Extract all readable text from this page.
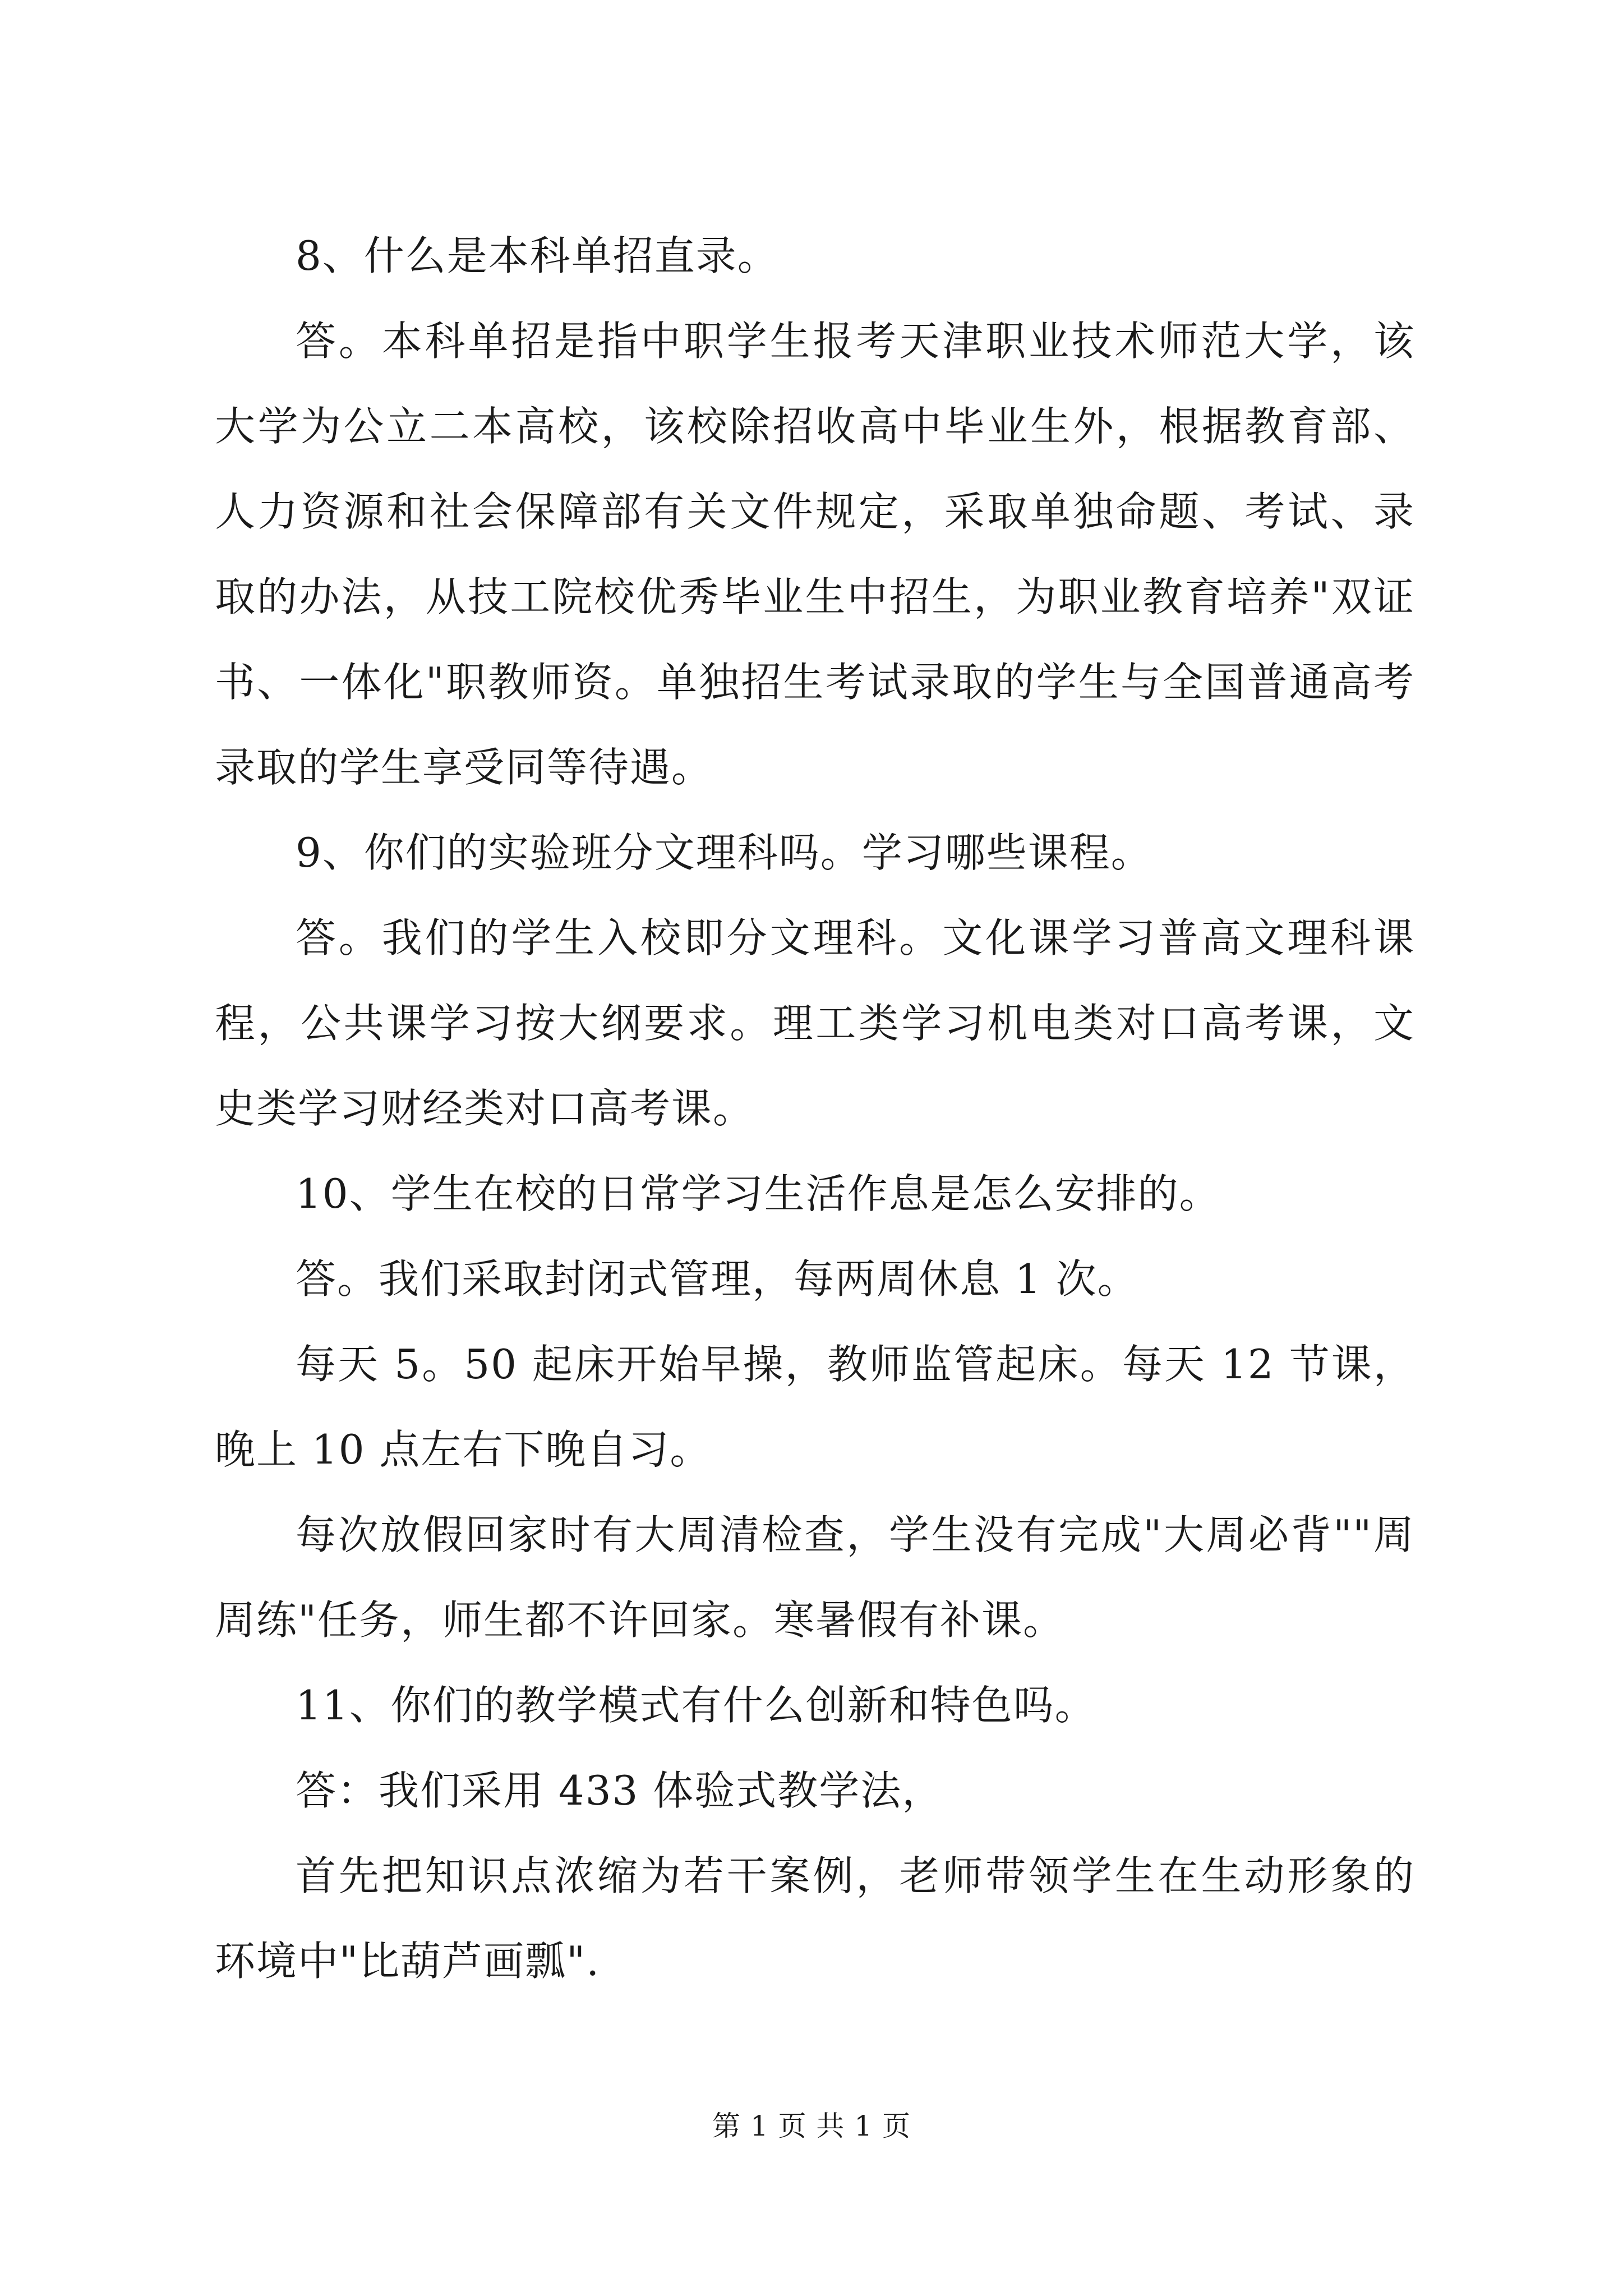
8、什么是本科单招直录。

答。本科单招是指中职学生报考天津职业技术师范大学，该大学为公立二本高校，该校除招收高中毕业生外，根据教育部、人力资源和社会保障部有关文件规定，采取单独命题、考试、录取的办法，从技工院校优秀毕业生中招生，为职业教育培养"双证书、一体化"职教师资。单独招生考试录取的学生与全国普通高考录取的学生享受同等待遇。

9、你们的实验班分文理科吗。学习哪些课程。

答。我们的学生入校即分文理科。文化课学习普高文理科课程，公共课学习按大纲要求。理工类学习机电类对口高考课，文史类学习财经类对口高考课。

10、学生在校的日常学习生活作息是怎么安排的。

答。我们采取封闭式管理，每两周休息 1 次。

每天 5。50 起床开始早操，教师监管起床。每天 12 节课，晚上 10 点左右下晚自习。

每次放假回家时有大周清检查，学生没有完成"大周必背""周周练"任务，师生都不许回家。寒暑假有补课。

11、你们的教学模式有什么创新和特色吗。

答：我们采用 433 体验式教学法，

首先把知识点浓缩为若干案例，老师带领学生在生动形象的环境中"比葫芦画瓢".

第 1 页 共 1 页
